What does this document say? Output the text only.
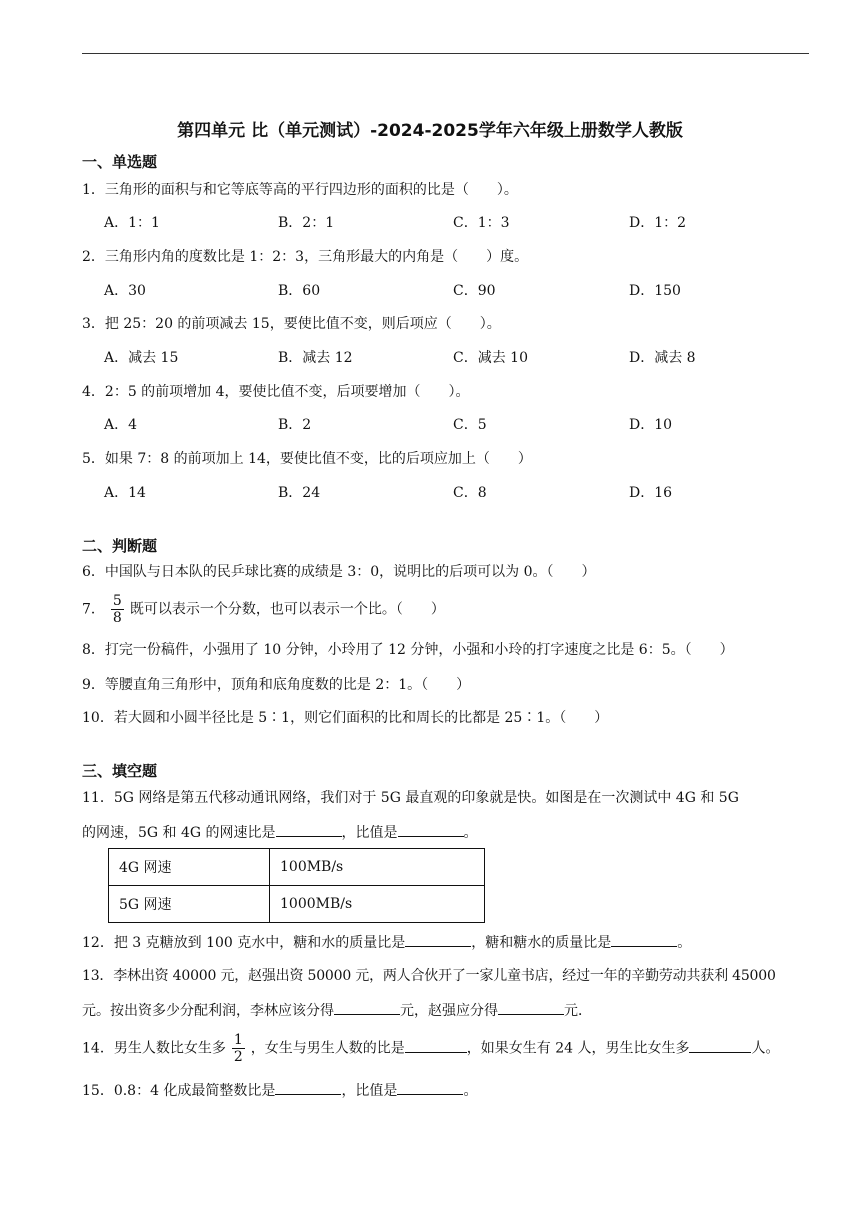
第四单元 比（单元测试）-2024-2025学年六年级上册数学人教版
一、单选题
1．三角形的面积与和它等底等高的平行四边形的面积的比是（　　）。
A．1：1	B．2：1	C．1：3	D．1：2
2．三角形内角的度数比是 1：2：3，三角形最大的内角是（　　）度。
A．30	B．60	C．90	D．150
3．把 25：20 的前项减去 15，要使比值不变，则后项应（　　）。
A．减去 15	B．减去 12	C．减去 10	D．减去 8
4．2：5 的前项增加 4，要使比值不变，后项要增加（　　）。
A．4	B．2	C．5	D．10
5．如果 7：8 的前项加上 14，要使比值不变，比的后项应加上（　　）
A．14	B．24	C．8	D．16
二、判断题
6．中国队与日本队的民乒球比赛的成绩是 3：0，说明比的后项可以为 0。（　　）
7． $\frac{5}{8}$ 既可以表示一个分数，也可以表示一个比。（　　）
8．打完一份稿件，小强用了 10 分钟，小玲用了 12 分钟，小强和小玲的打字速度之比是 6：5。（　　）
9．等腰直角三角形中，顶角和底角度数的比是 2：1。（　　）
10．若大圆和小圆半径比是 5∶1，则它们面积的比和周长的比都是 25∶1。（　　）
三、填空题
11．5G 网络是第五代移动通讯网络，我们对于 5G 最直观的印象就是快。如图是在一次测试中 4G 和 5G
的网速，5G 和 4G 的网速比是	，比值是	。
4G 网速	100MB/s
5G 网速	1000MB/s
12．把 3 克糖放到 100 克水中，糖和水的质量比是	，糖和糖水的质量比是	。
13．李林出资 40000 元，赵强出资 50000 元，两人合伙开了一家儿童书店，经过一年的辛勤劳动共获利 45000
元。按出资多少分配利润，李林应该分得	元，赵强应分得	元．
14．男生人数比女生多 $\frac{1}{2}$ ，女生与男生人数的比是	，如果女生有 24 人，男生比女生多	人。
15．0.8：4 化成最简整数比是	，比值是	。
